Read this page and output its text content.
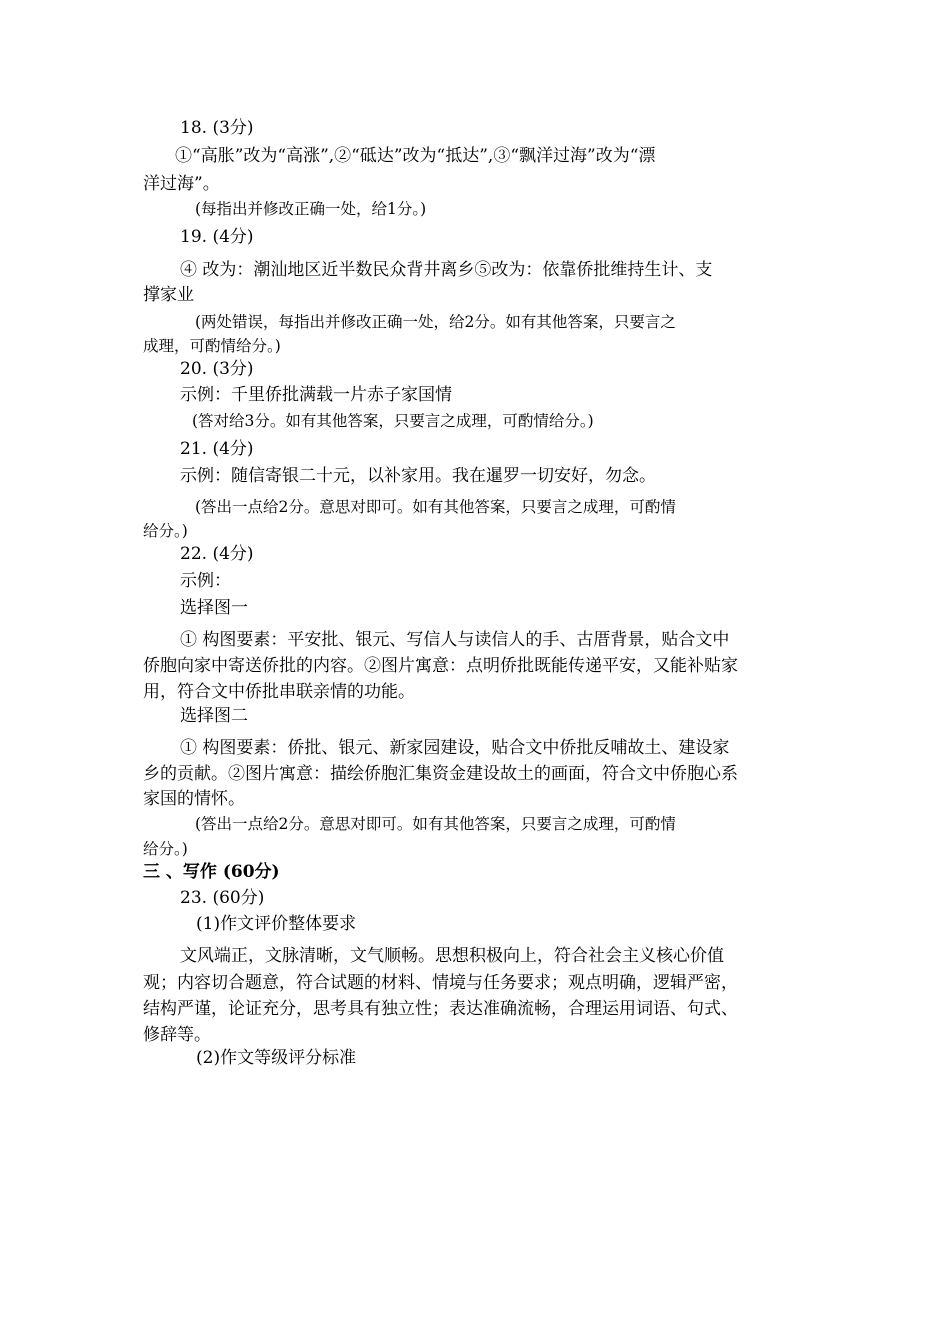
18. (3分)
①“高胀”改为“高涨”,②“砥达”改为“抵达”,③“飘洋过海”改为“漂
洋过海”。
(每指出并修改正确一处，给1分。)
19. (4分)
④ 改为：潮汕地区近半数民众背井离乡⑤改为：依靠侨批维持生计、支
撑家业
(两处错误，每指出并修改正确一处，给2分。如有其他答案，只要言之
成理，可酌情给分。)
20. (3分)
示例：千里侨批满载一片赤子家国情
(答对给3分。如有其他答案，只要言之成理，可酌情给分。)
21. (4分)
示例：随信寄银二十元，以补家用。我在暹罗一切安好，勿念。
(答出一点给2分。意思对即可。如有其他答案，只要言之成理，可酌情
给分。)
22. (4分)
示例：
选择图一
① 构图要素：平安批、银元、写信人与读信人的手、古厝背景，贴合文中
侨胞向家中寄送侨批的内容。②图片寓意：点明侨批既能传递平安，又能补贴家
用，符合文中侨批串联亲情的功能。
选择图二
① 构图要素：侨批、银元、新家园建设，贴合文中侨批反哺故土、建设家
乡的贡献。②图片寓意：描绘侨胞汇集资金建设故土的画面，符合文中侨胞心系
家国的情怀。
(答出一点给2分。意思对即可。如有其他答案，只要言之成理，可酌情
给分。)
三 、写作 (60分)
23. (60分)
(1)作文评价整体要求
文风端正，文脉清晰，文气顺畅。思想积极向上，符合社会主义核心价值
观；内容切合题意，符合试题的材料、情境与任务要求；观点明确，逻辑严密，
结构严谨，论证充分，思考具有独立性；表达准确流畅，合理运用词语、句式、
修辞等。
(2)作文等级评分标准
